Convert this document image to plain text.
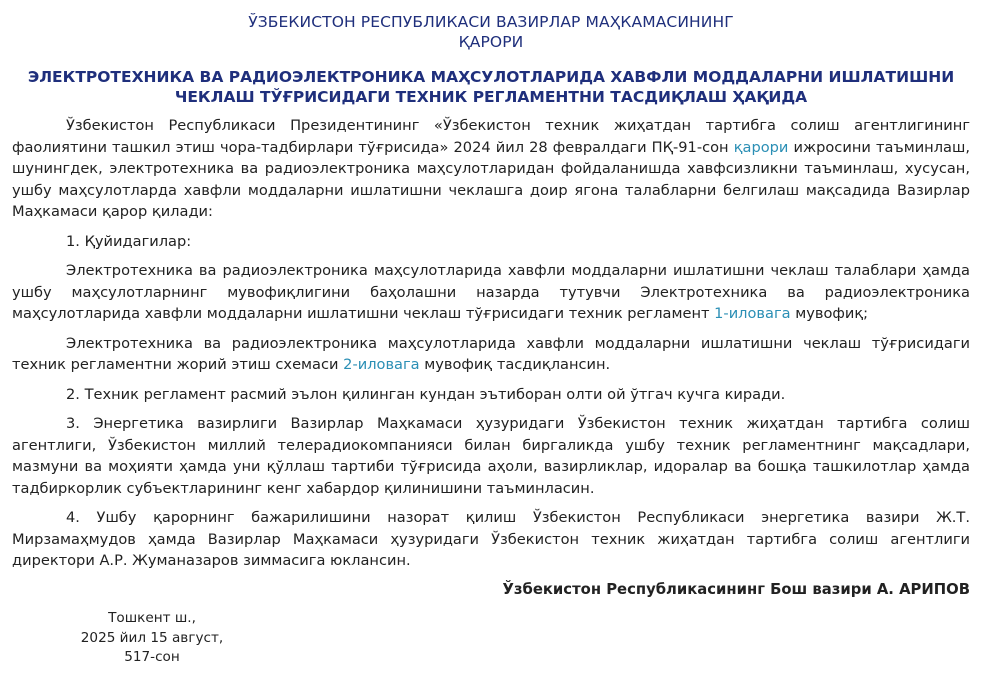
ЎЗБЕКИСТОН РЕСПУБЛИКАСИ ВАЗИРЛАР МАҲКАМАСИНИНГ
ҚАРОРИ
ЭЛЕКТРОТЕХНИКА ВА РАДИОЭЛЕКТРОНИКА МАҲСУЛОТЛАРИДА ХАВФЛИ МОДДАЛАРНИ ИШЛАТИШНИ
ЧЕКЛАШ ТЎҒРИСИДАГИ ТЕХНИК РЕГЛАМЕНТНИ ТАСДИҚЛАШ ҲАҚИДА

Ўзбекистон Республикаси Президентининг «Ўзбекистон техник жиҳатдан тартибга солиш агентлигининг фаолиятини ташкил этиш чора-тадбирлари тўғрисида» 2024 йил 28 февралдаги ПҚ-91-сон қарори ижросини таъминлаш, шунингдек, электротехника ва радиоэлектроника маҳсулотларидан фойдаланишда хавфсизликни таъминлаш, хусусан, ушбу маҳсулотларда хавфли моддаларни ишлатишни чеклашга доир ягона талабларни белгилаш мақсадида Вазирлар Маҳкамаси қарор қилади:

1. Қуйидагилар:

Электротехника ва радиоэлектроника маҳсулотларида хавфли моддаларни ишлатишни чеклаш талаблари ҳамда ушбу маҳсулотларнинг мувофиқлигини баҳолашни назарда тутувчи Электротехника ва радиоэлектроника маҳсулотларида хавфли моддаларни ишлатишни чеклаш тўғрисидаги техник регламент 1-иловага мувофиқ;

Электротехника ва радиоэлектроника маҳсулотларида хавфли моддаларни ишлатишни чеклаш тўғрисидаги техник регламентни жорий этиш схемаси 2-иловага мувофиқ тасдиқлансин.

2. Техник регламент расмий эълон қилинган кундан эътиборан олти ой ўтгач кучга киради.

3. Энергетика вазирлиги Вазирлар Маҳкамаси ҳузуридаги Ўзбекистон техник жиҳатдан тартибга солиш агентлиги, Ўзбекистон миллий телерадиокомпанияси билан биргаликда ушбу техник регламентнинг мақсадлари, мазмуни ва моҳияти ҳамда уни қўллаш тартиби тўғрисида аҳоли, вазирликлар, идоралар ва бошқа ташкилотлар ҳамда тадбиркорлик субъектларининг кенг хабардор қилинишини таъминласин.

4. Ушбу қарорнинг бажарилишини назорат қилиш Ўзбекистон Республикаси энергетика вазири Ж.Т. Мирзамаҳмудов ҳамда Вазирлар Маҳкамаси ҳузуридаги Ўзбекистон техник жиҳатдан тартибга солиш агентлиги директори А.Р. Жуманазаров зиммасига юклансин.

Ўзбекистон Республикасининг Бош вазири А. АРИПОВ
Тошкент ш.,
2025 йил 15 август,
517-сон
